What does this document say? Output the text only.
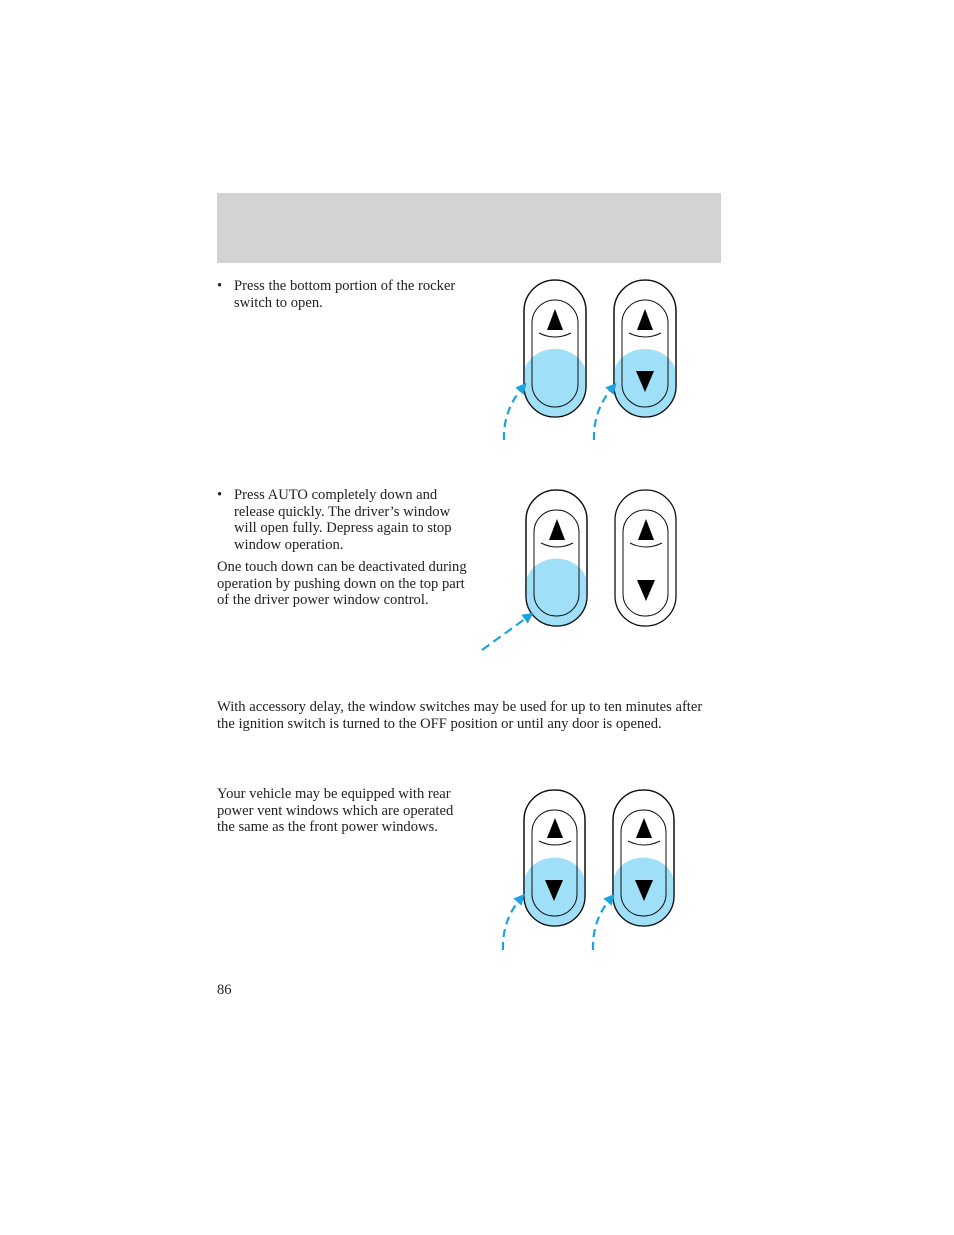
• Press the bottom portion of the rocker switch to open.
• Press AUTO completely down and release quickly. The driver’s window will open fully. Depress again to stop window operation.
One touch down can be deactivated during operation by pushing down on the top part of the driver power window control.
With accessory delay, the window switches may be used for up to ten minutes after the ignition switch is turned to the OFF position or until any door is opened.
Your vehicle may be equipped with rear power vent windows which are operated the same as the front power windows.
86
